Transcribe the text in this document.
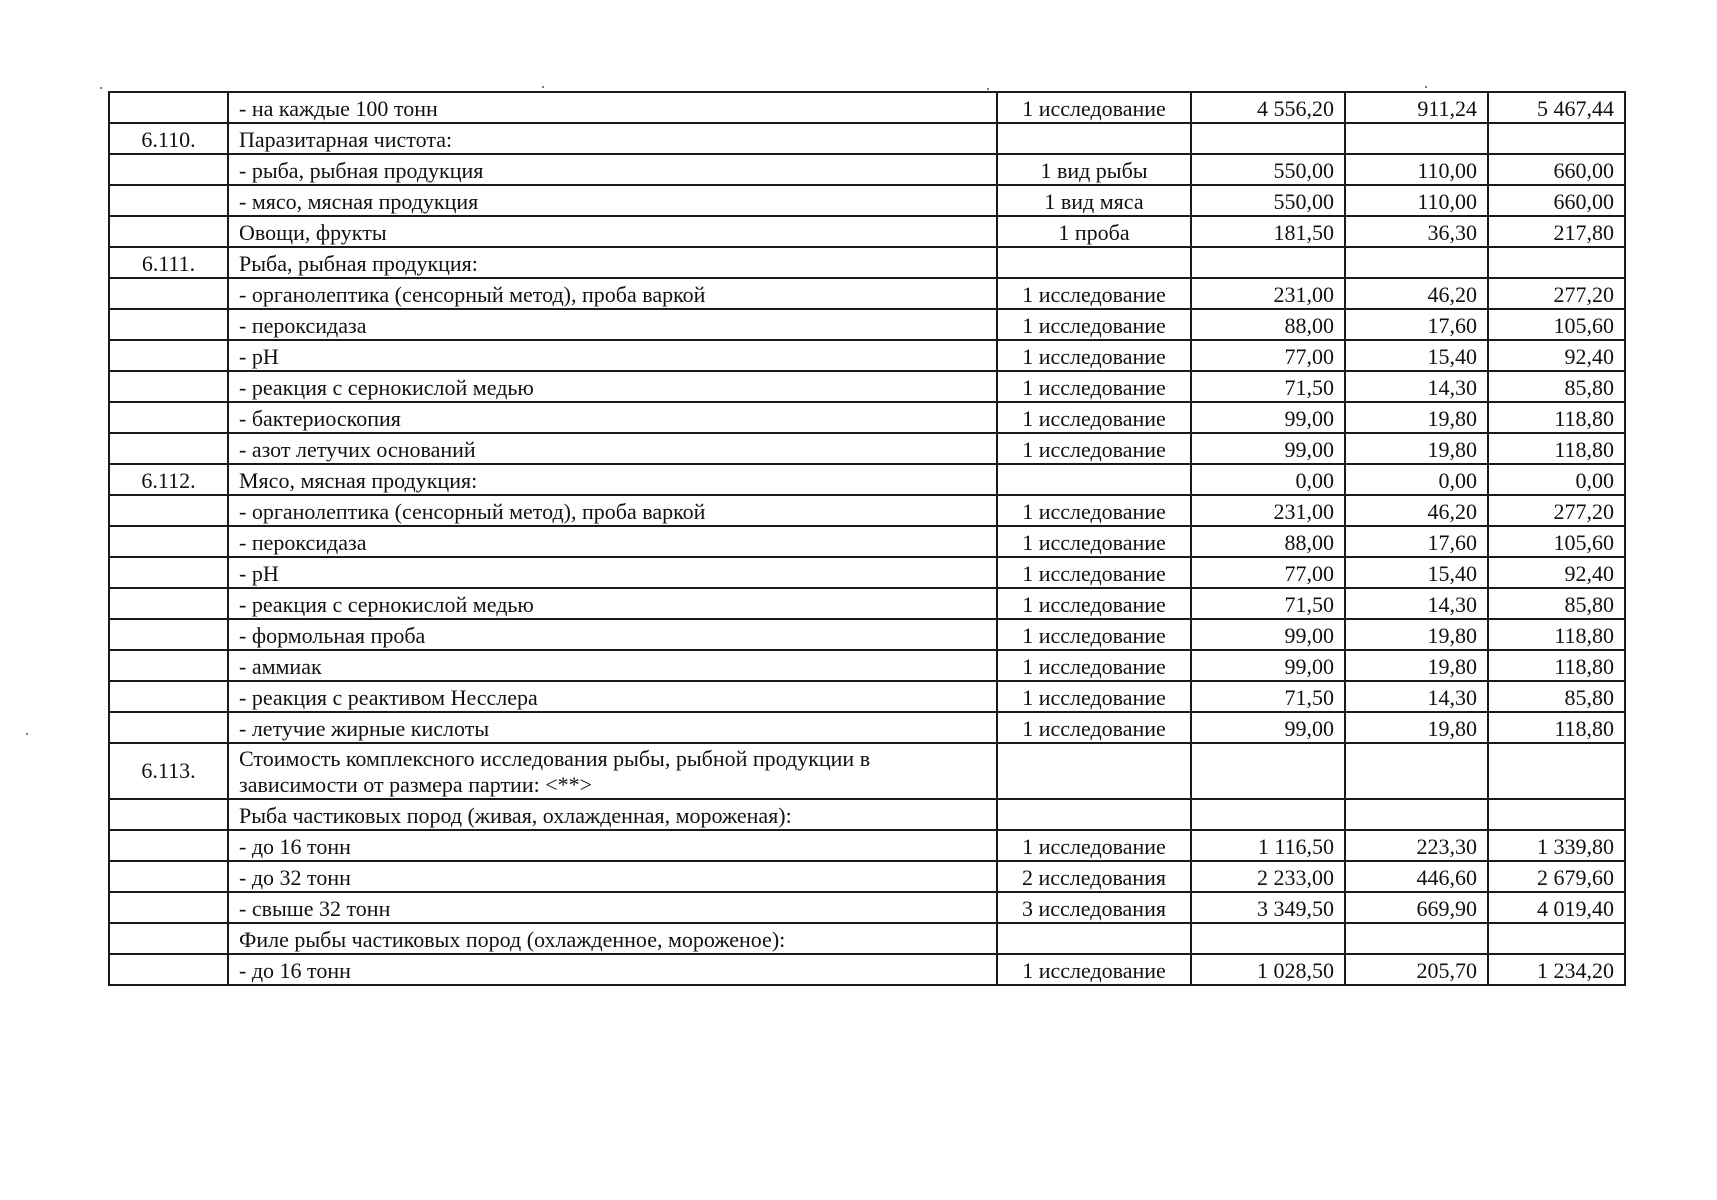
	- на каждые 100 тонн	1 исследование	4 556,20	911,24	5 467,44
6.110.	Паразитарная чистота:				
	- рыба, рыбная продукция	1 вид рыбы	550,00	110,00	660,00
	- мясо, мясная продукция	1 вид мяса	550,00	110,00	660,00
	Овощи, фрукты	1 проба	181,50	36,30	217,80
6.111.	Рыба, рыбная продукция:				
	- органолептика (сенсорный метод), проба варкой	1 исследование	231,00	46,20	277,20
	- пероксидаза	1 исследование	88,00	17,60	105,60
	- рН	1 исследование	77,00	15,40	92,40
	- реакция с сернокислой медью	1 исследование	71,50	14,30	85,80
	- бактериоскопия	1 исследование	99,00	19,80	118,80
	- азот летучих оснований	1 исследование	99,00	19,80	118,80
6.112.	Мясо, мясная продукция:		0,00	0,00	0,00
	- органолептика (сенсорный метод), проба варкой	1 исследование	231,00	46,20	277,20
	- пероксидаза	1 исследование	88,00	17,60	105,60
	- рН	1 исследование	77,00	15,40	92,40
	- реакция с сернокислой медью	1 исследование	71,50	14,30	85,80
	- формольная проба	1 исследование	99,00	19,80	118,80
	- аммиак	1 исследование	99,00	19,80	118,80
	- реакция с реактивом Несслера	1 исследование	71,50	14,30	85,80
	- летучие жирные кислоты	1 исследование	99,00	19,80	118,80
6.113.	Стоимость комплексного исследования рыбы, рыбной продукции в зависимости от размера партии: <**>				
	Рыба частиковых пород (живая, охлажденная, мороженая):				
	- до 16 тонн	1 исследование	1 116,50	223,30	1 339,80
	- до 32 тонн	2 исследования	2 233,00	446,60	2 679,60
	- свыше 32 тонн	3 исследования	3 349,50	669,90	4 019,40
	Филе рыбы частиковых пород (охлажденное, мороженое):				
	- до 16 тонн	1 исследование	1 028,50	205,70	1 234,20
